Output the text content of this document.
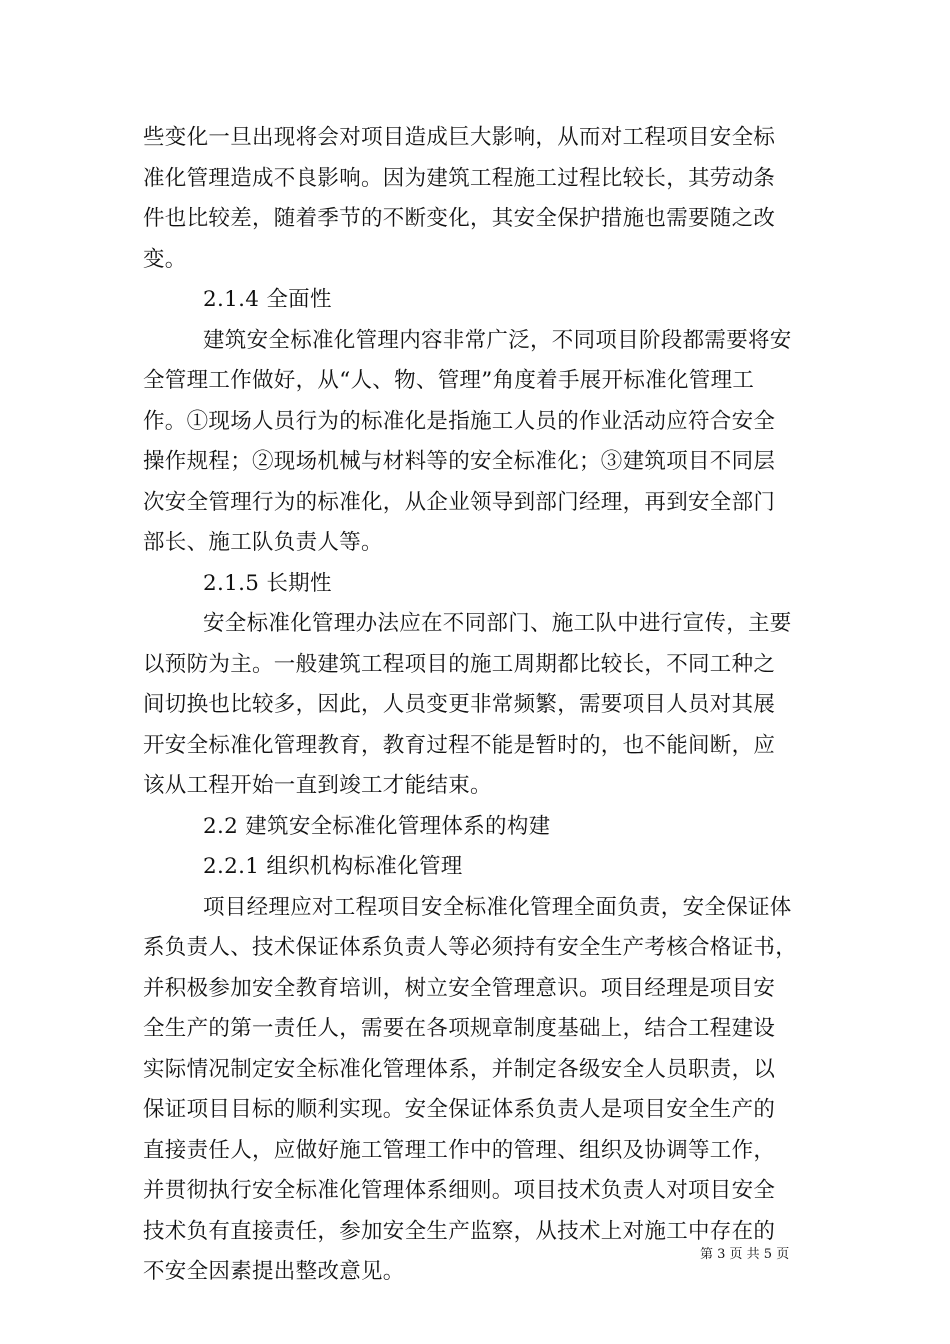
些变化一旦出现将会对项目造成巨大影响，从而对工程项目安全标
准化管理造成不良影响。因为建筑工程施工过程比较长，其劳动条
件也比较差，随着季节的不断变化，其安全保护措施也需要随之改
变。
2.1.4 全面性
建筑安全标准化管理内容非常广泛，不同项目阶段都需要将安
全管理工作做好，从“人、物、管理”角度着手展开标准化管理工
作。①现场人员行为的标准化是指施工人员的作业活动应符合安全
操作规程；②现场机械与材料等的安全标准化；③建筑项目不同层
次安全管理行为的标准化，从企业领导到部门经理，再到安全部门
部长、施工队负责人等。
2.1.5 长期性
安全标准化管理办法应在不同部门、施工队中进行宣传，主要
以预防为主。一般建筑工程项目的施工周期都比较长，不同工种之
间切换也比较多，因此，人员变更非常频繁，需要项目人员对其展
开安全标准化管理教育，教育过程不能是暂时的，也不能间断，应
该从工程开始一直到竣工才能结束。
2.2 建筑安全标准化管理体系的构建
2.2.1 组织机构标准化管理
项目经理应对工程项目安全标准化管理全面负责，安全保证体
系负责人、技术保证体系负责人等必须持有安全生产考核合格证书，
并积极参加安全教育培训，树立安全管理意识。项目经理是项目安
全生产的第一责任人，需要在各项规章制度基础上，结合工程建设
实际情况制定安全标准化管理体系，并制定各级安全人员职责，以
保证项目目标的顺利实现。安全保证体系负责人是项目安全生产的
直接责任人，应做好施工管理工作中的管理、组织及协调等工作，
并贯彻执行安全标准化管理体系细则。项目技术负责人对项目安全
技术负有直接责任，参加安全生产监察，从技术上对施工中存在的
不安全因素提出整改意见。
第 3 页 共 5 页
